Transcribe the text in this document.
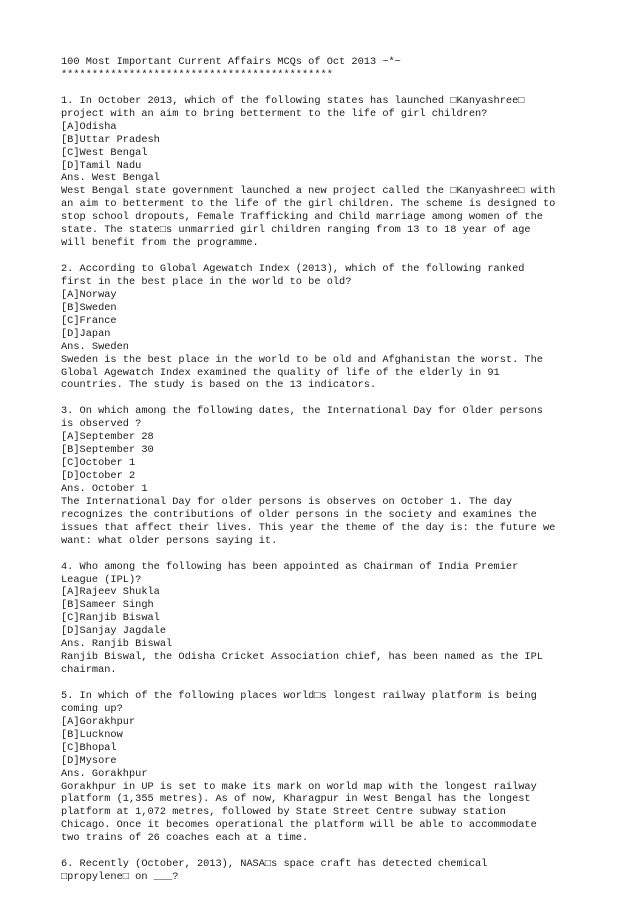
100 Most Important Current Affairs MCQs of Oct 2013 ~*~
********************************************
1. In October 2013, which of the following states has launched □Kanyashree□
project with an aim to bring betterment to the life of girl children?
[A]Odisha
[B]Uttar Pradesh
[C]West Bengal
[D]Tamil Nadu
Ans. West Bengal
West Bengal state government launched a new project called the □Kanyashree□ with
an aim to betterment to the life of the girl children. The scheme is designed to
stop school dropouts, Female Trafficking and Child marriage among women of the
state. The state□s unmarried girl children ranging from 13 to 18 year of age
will benefit from the programme.
2. According to Global Agewatch Index (2013), which of the following ranked
first in the best place in the world to be old?
[A]Norway
[B]Sweden
[C]France
[D]Japan
Ans. Sweden
Sweden is the best place in the world to be old and Afghanistan the worst. The
Global Agewatch Index examined the quality of life of the elderly in 91
countries. The study is based on the 13 indicators.
3. On which among the following dates, the International Day for Older persons
is observed ?
[A]September 28
[B]September 30
[C]October 1
[D]October 2
Ans. October 1
The International Day for older persons is observes on October 1. The day
recognizes the contributions of older persons in the society and examines the
issues that affect their lives. This year the theme of the day is: the future we
want: what older persons saying it.
4. Who among the following has been appointed as Chairman of India Premier
League (IPL)?
[A]Rajeev Shukla
[B]Sameer Singh
[C]Ranjib Biswal
[D]Sanjay Jagdale
Ans. Ranjib Biswal
Ranjib Biswal, the Odisha Cricket Association chief, has been named as the IPL
chairman.
5. In which of the following places world□s longest railway platform is being
coming up?
[A]Gorakhpur
[B]Lucknow
[C]Bhopal
[D]Mysore
Ans. Gorakhpur
Gorakhpur in UP is set to make its mark on world map with the longest railway
platform (1,355 metres). As of now, Kharagpur in West Bengal has the longest
platform at 1,072 metres, followed by State Street Centre subway station
Chicago. Once it becomes operational the platform will be able to accommodate
two trains of 26 coaches each at a time.
6. Recently (October, 2013), NASA□s space craft has detected chemical
□propylene□ on ___?
